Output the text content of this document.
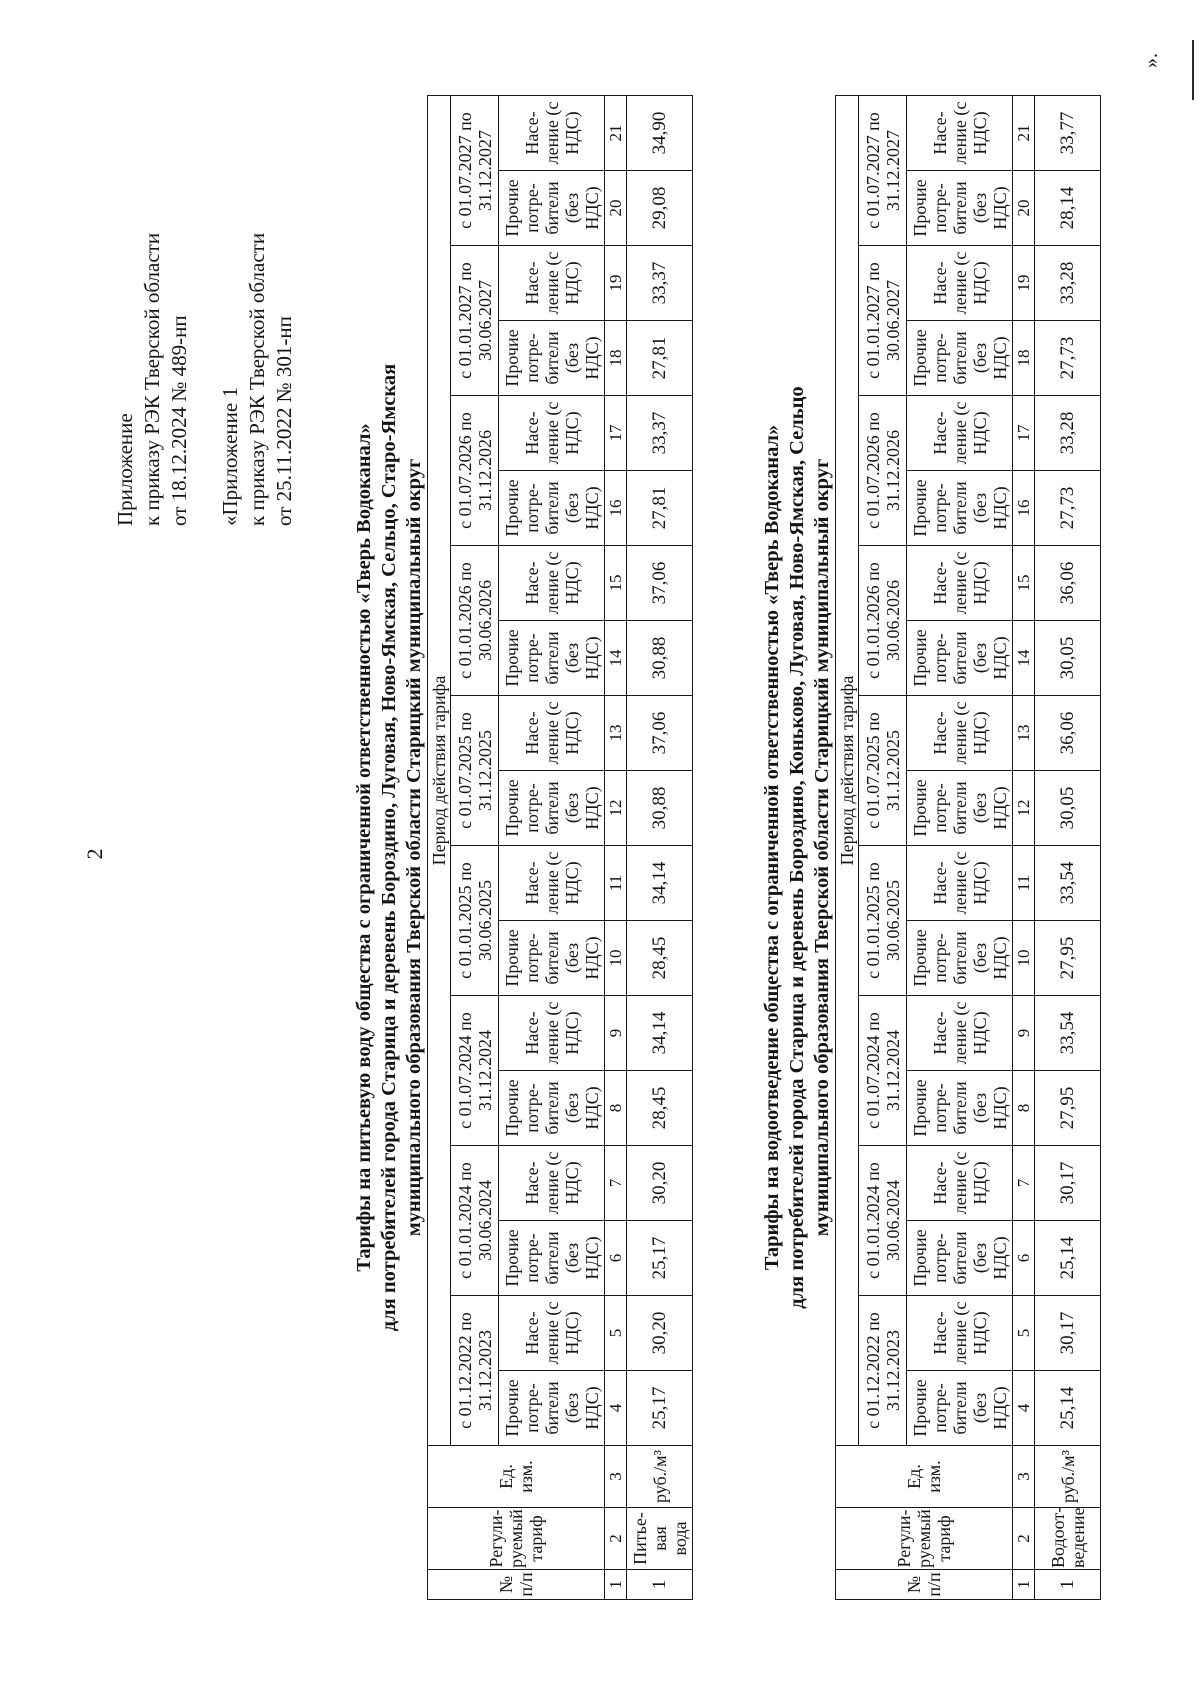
2
Приложение к приказу РЭК Тверской области от 18.12.2024 № 489-нп «Приложение 1 к приказу РЭК Тверской области от 25.11.2022 № 301-нп
Тарифы на питьевую воду общества с ограниченной ответственностью «Тверь Водоканал» для потребителей города Старица и деревень Бороздино, Луговая, Ново-Ямская, Сельцо, Старо-Ямская муниципального образования Тверской области Старицкий муниципальный округ
№ п/п	Регули-руемый тариф	Ед. изм.	Период действия тарифа																	
			с 01.12.2022 по 31.12.2023		с 01.01.2024 по 30.06.2024		с 01.07.2024 по 31.12.2024		с 01.01.2025 по 30.06.2025		с 01.07.2025 по 31.12.2025		с 01.01.2026 по 30.06.2026		с 01.07.2026 по 31.12.2026		с 01.01.2027 по 30.06.2027		с 01.07.2027 по 31.12.2027	
			Прочие потре-бители (без НДС)	Насе-ление (с НДС)	Прочие потре-бители (без НДС)	Насе-ление (с НДС)	Прочие потре-бители (без НДС)	Насе-ление (с НДС)	Прочие потре-бители (без НДС)	Насе-ление (с НДС)	Прочие потре-бители (без НДС)	Насе-ление (с НДС)	Прочие потре-бители (без НДС)	Насе-ление (с НДС)	Прочие потре-бители (без НДС)	Насе-ление (с НДС)	Прочие потре-бители (без НДС)	Насе-ление (с НДС)	Прочие потре-бители (без НДС)	Насе-ление (с НДС)
1	2	3	4	5	6	7	8	9	10	11	12	13	14	15	16	17	18	19	20	21
1	Питье-вая вода	руб./м³	25,17	30,20	25,17	30,20	28,45	34,14	28,45	34,14	30,88	37,06	30,88	37,06	27,81	33,37	27,81	33,37	29,08	34,90
Тарифы на водоотведение общества с ограниченной ответственностью «Тверь Водоканал» для потребителей города Старица и деревень Бороздино, Коньково, Луговая, Ново-Ямская, Сельцо муниципального образования Тверской области Старицкий муниципальный округ
№ п/п	Регули-руемый тариф	Ед. изм.	Период действия тарифа																	
			с 01.12.2022 по 31.12.2023		с 01.01.2024 по 30.06.2024		с 01.07.2024 по 31.12.2024		с 01.01.2025 по 30.06.2025		с 01.07.2025 по 31.12.2025		с 01.01.2026 по 30.06.2026		с 01.07.2026 по 31.12.2026		с 01.01.2027 по 30.06.2027		с 01.07.2027 по 31.12.2027	
			Прочие потре-бители (без НДС)	Насе-ление (с НДС)	Прочие потре-бители (без НДС)	Насе-ление (с НДС)	Прочие потре-бители (без НДС)	Насе-ление (с НДС)	Прочие потре-бители (без НДС)	Насе-ление (с НДС)	Прочие потре-бители (без НДС)	Насе-ление (с НДС)	Прочие потре-бители (без НДС)	Насе-ление (с НДС)	Прочие потре-бители (без НДС)	Насе-ление (с НДС)	Прочие потре-бители (без НДС)	Насе-ление (с НДС)	Прочие потре-бители (без НДС)	Насе-ление (с НДС)
1	2	3	4	5	6	7	8	9	10	11	12	13	14	15	16	17	18	19	20	21
1	Водоот-ведение	руб./м³	25,14	30,17	25,14	30,17	27,95	33,54	27,95	33,54	30,05	36,06	30,05	36,06	27,73	33,28	27,73	33,28	28,14	33,77
».
